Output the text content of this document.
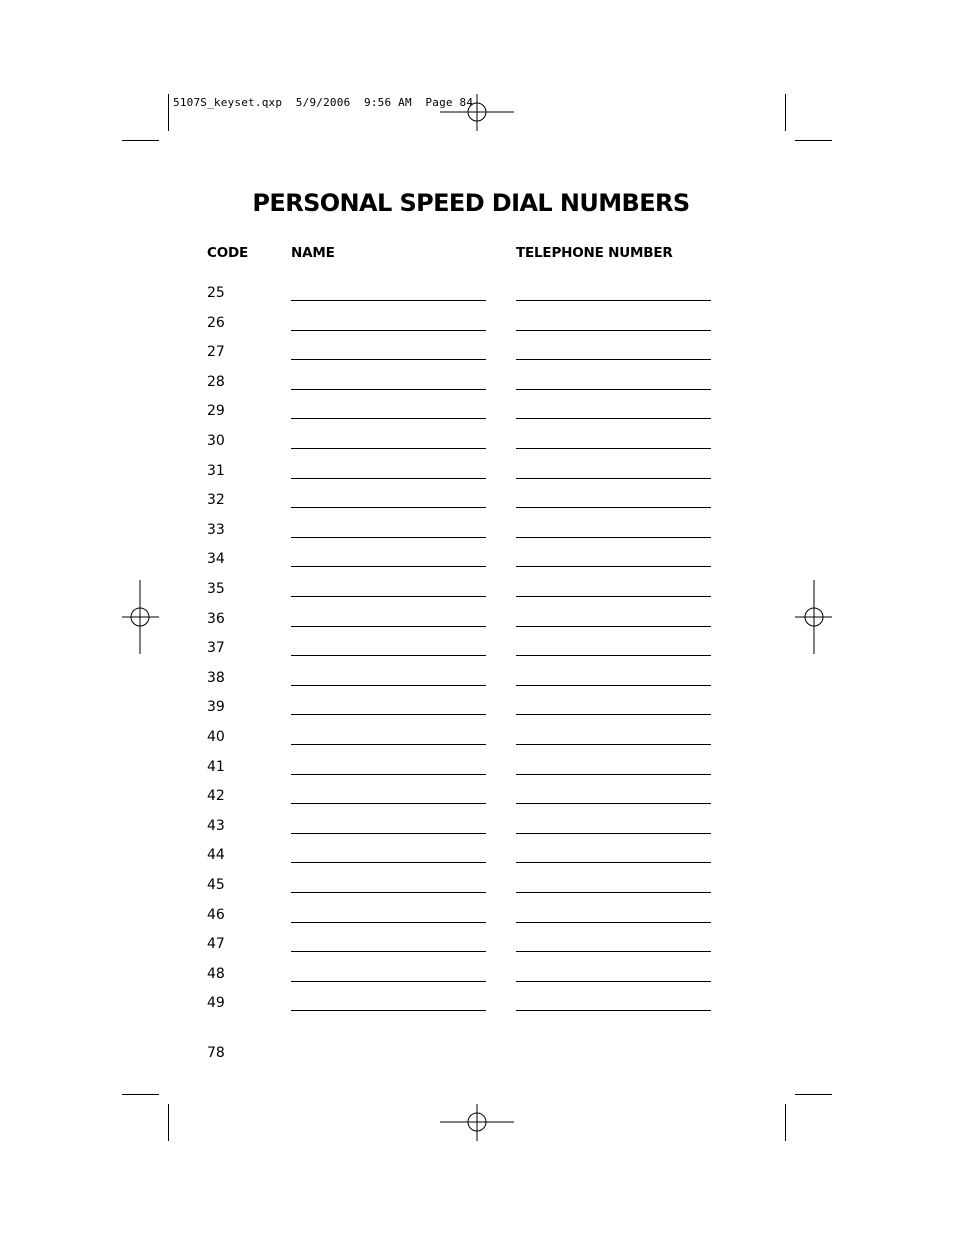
5107S_keyset.qxp  5/9/2006  9:56 AM  Page 84
PERSONAL SPEED DIAL NUMBERS
CODE	NAME	TELEPHONE NUMBER
25
26
27
28
29
30
31
32
33
34
35
36
37
38
39
40
41
42
43
44
45
46
47
48
49
78
